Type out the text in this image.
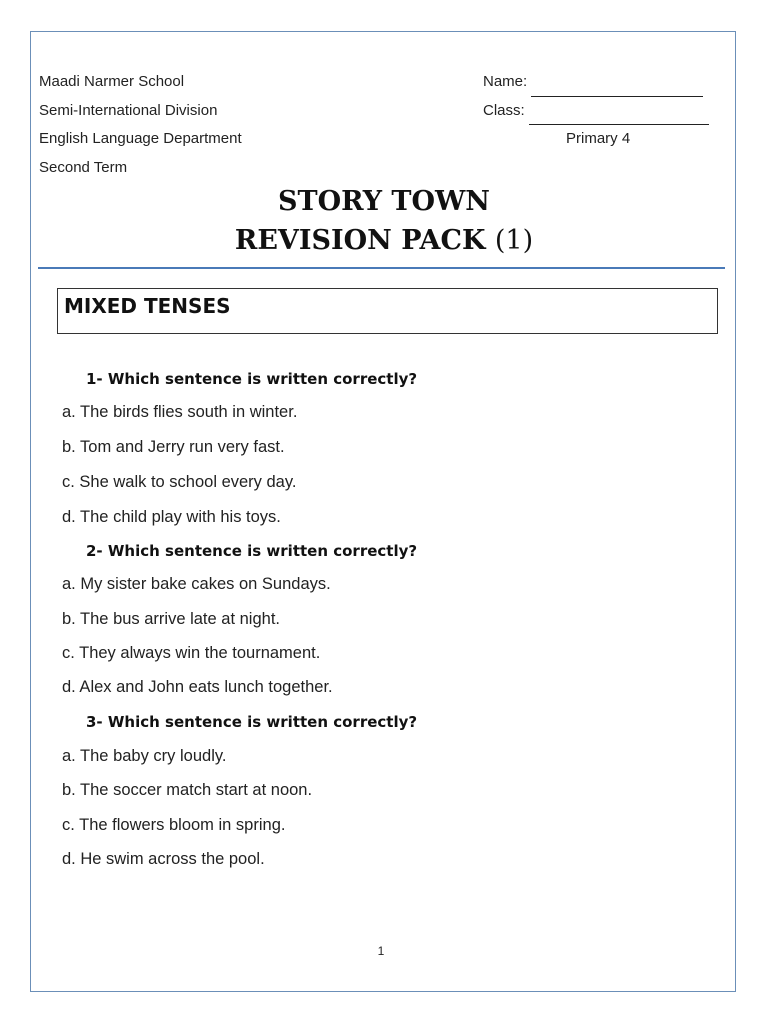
Maadi Narmer School
Semi-International Division
English Language Department
Second Term
Name:
Class:
Primary 4
STORY TOWN
REVISION PACK (1)
MIXED TENSES
1- Which sentence is written correctly?
a. The birds flies south in winter.
b. Tom and Jerry run very fast.
c. She walk to school every day.
d. The child play with his toys.
2- Which sentence is written correctly?
a. My sister bake cakes on Sundays.
b. The bus arrive late at night.
c. They always win the tournament.
d. Alex and John eats lunch together.
3- Which sentence is written correctly?
a. The baby cry loudly.
b. The soccer match start at noon.
c. The flowers bloom in spring.
d. He swim across the pool.
1
